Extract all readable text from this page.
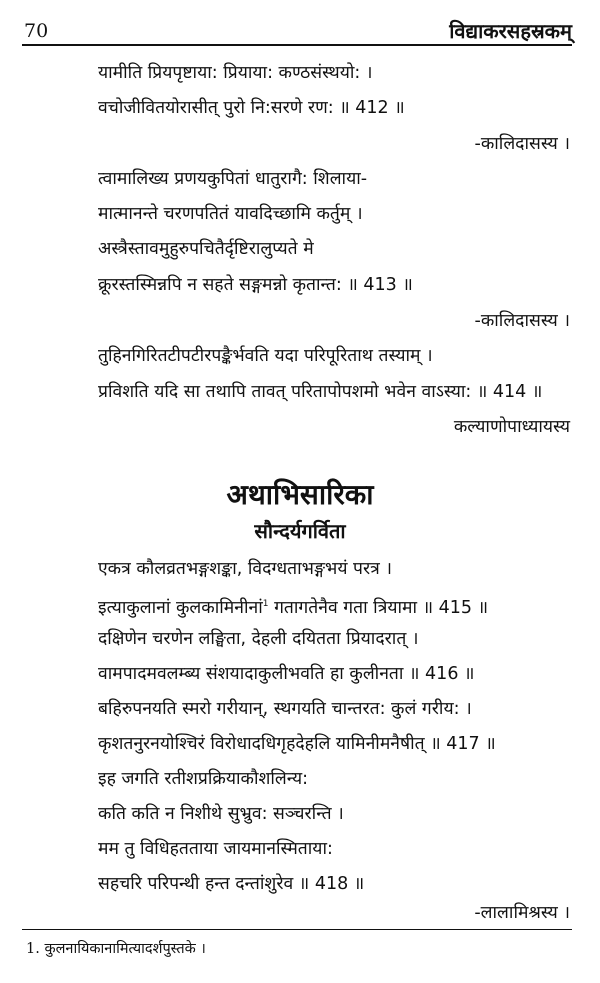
70	विद्याकरसहस्रकम्
यामीति प्रियपृष्टाया: प्रियाया: कण्ठसंस्थयो: ।
वचोजीवितयोरासीत् पुरो नि:सरणे रण: ॥ 412 ॥
-कालिदासस्य ।
त्वामालिख्य प्रणयकुपितां धातुरागै: शिलाया-
मात्मानन्ते चरणपतितं यावदिच्छामि कर्तुम् ।
अस्त्रैस्तावमुहुरुपचितैर्दृष्टिरालुप्यते मे
क्रूरस्तस्मिन्नपि न सहते सङ्गमन्नो कृतान्त: ॥ 413 ॥
-कालिदासस्य ।
तुहिनगिरितटीपटीरपङ्कैर्भवति यदा परिपूरिताथ तस्याम् ।
प्रविशति यदि सा तथापि तावत् परितापोपशमो भवेन वाऽस्या: ॥ 414 ॥
कल्याणोपाध्यायस्य
अथाभिसारिका
सौन्दर्यगर्विता
एकत्र कौलव्रतभङ्गशङ्का, विदग्धताभङ्गभयं परत्र ।
इत्याकुलानां कुलकामिनीनां$^1$ गतागतेनैव गता त्रियामा ॥ 415 ॥
दक्षिणेन चरणेन लङ्घिता, देहली दयितता प्रियादरात् ।
वामपादमवलम्ब्य संशयादाकुलीभवति हा कुलीनता ॥ 416 ॥
बहिरुपनयति स्मरो गरीयान्, स्थगयति चान्तरत: कुलं गरीय: ।
कृशतनुरनयोश्चिरं विरोधादधिगृहदेहलि यामिनीमनैषीत् ॥ 417 ॥
इह जगति रतीशप्रक्रियाकौशलिन्य:
कति कति न निशीथे सुभ्रुव: सञ्चरन्ति ।
मम तु विधिहतताया जायमानस्मिताया:
सहचरि परिपन्थी हन्त दन्तांशुरेव ॥ 418 ॥
-लालामिश्रस्य ।
1. कुलनायिकानामित्यादर्शपुस्तके ।
